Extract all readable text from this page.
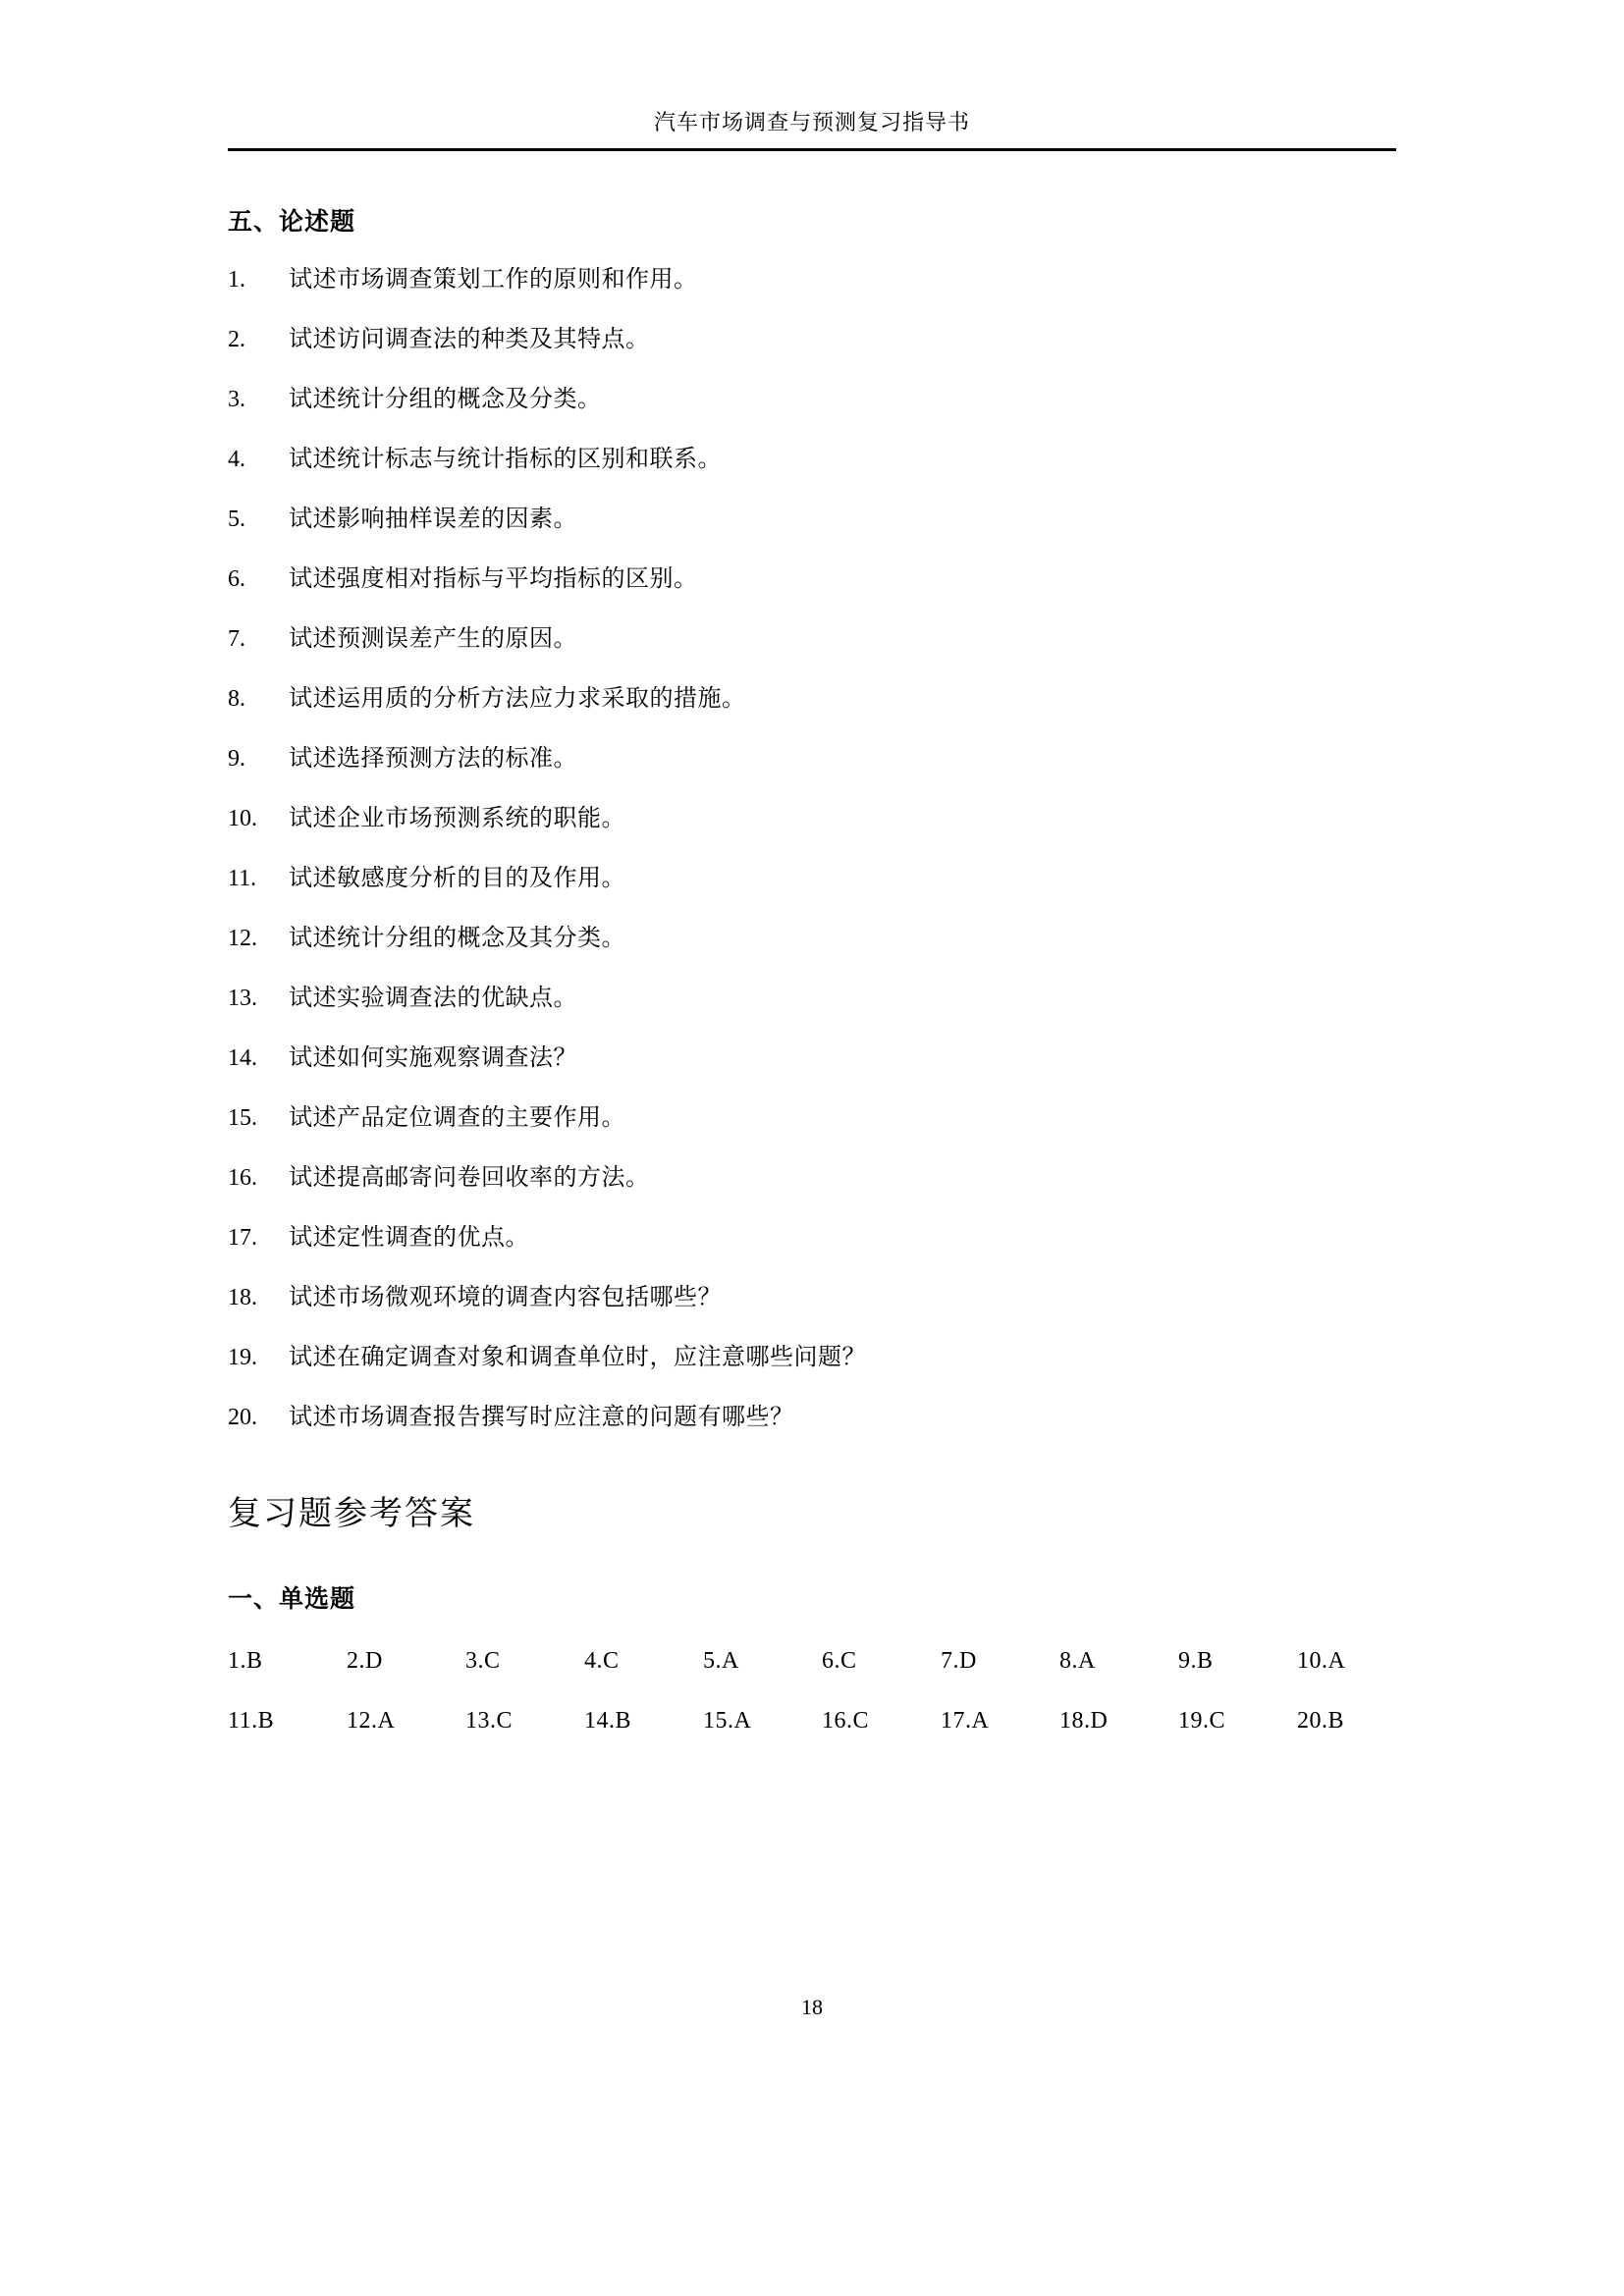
汽车市场调查与预测复习指导书
五、论述题
1.	试述市场调查策划工作的原则和作用。
2.	试述访问调查法的种类及其特点。
3.	试述统计分组的概念及分类。
4.	试述统计标志与统计指标的区别和联系。
5.	试述影响抽样误差的因素。
6.	试述强度相对指标与平均指标的区别。
7.	试述预测误差产生的原因。
8.	试述运用质的分析方法应力求采取的措施。
9.	试述选择预测方法的标准。
10.	试述企业市场预测系统的职能。
11.	试述敏感度分析的目的及作用。
12.	试述统计分组的概念及其分类。
13.	试述实验调查法的优缺点。
14.	试述如何实施观察调查法？
15.	试述产品定位调查的主要作用。
16.	试述提高邮寄问卷回收率的方法。
17.	试述定性调查的优点。
18.	试述市场微观环境的调查内容包括哪些？
19.	试述在确定调查对象和调查单位时，应注意哪些问题？
20.	试述市场调查报告撰写时应注意的问题有哪些？
复习题参考答案
一、单选题
1.B	2.D	3.C	4.C	5.A	6.C	7.D	8.A	9.B	10.A
11.B	12.A	13.C	14.B	15.A	16.C	17.A	18.D	19.C	20.B
18
